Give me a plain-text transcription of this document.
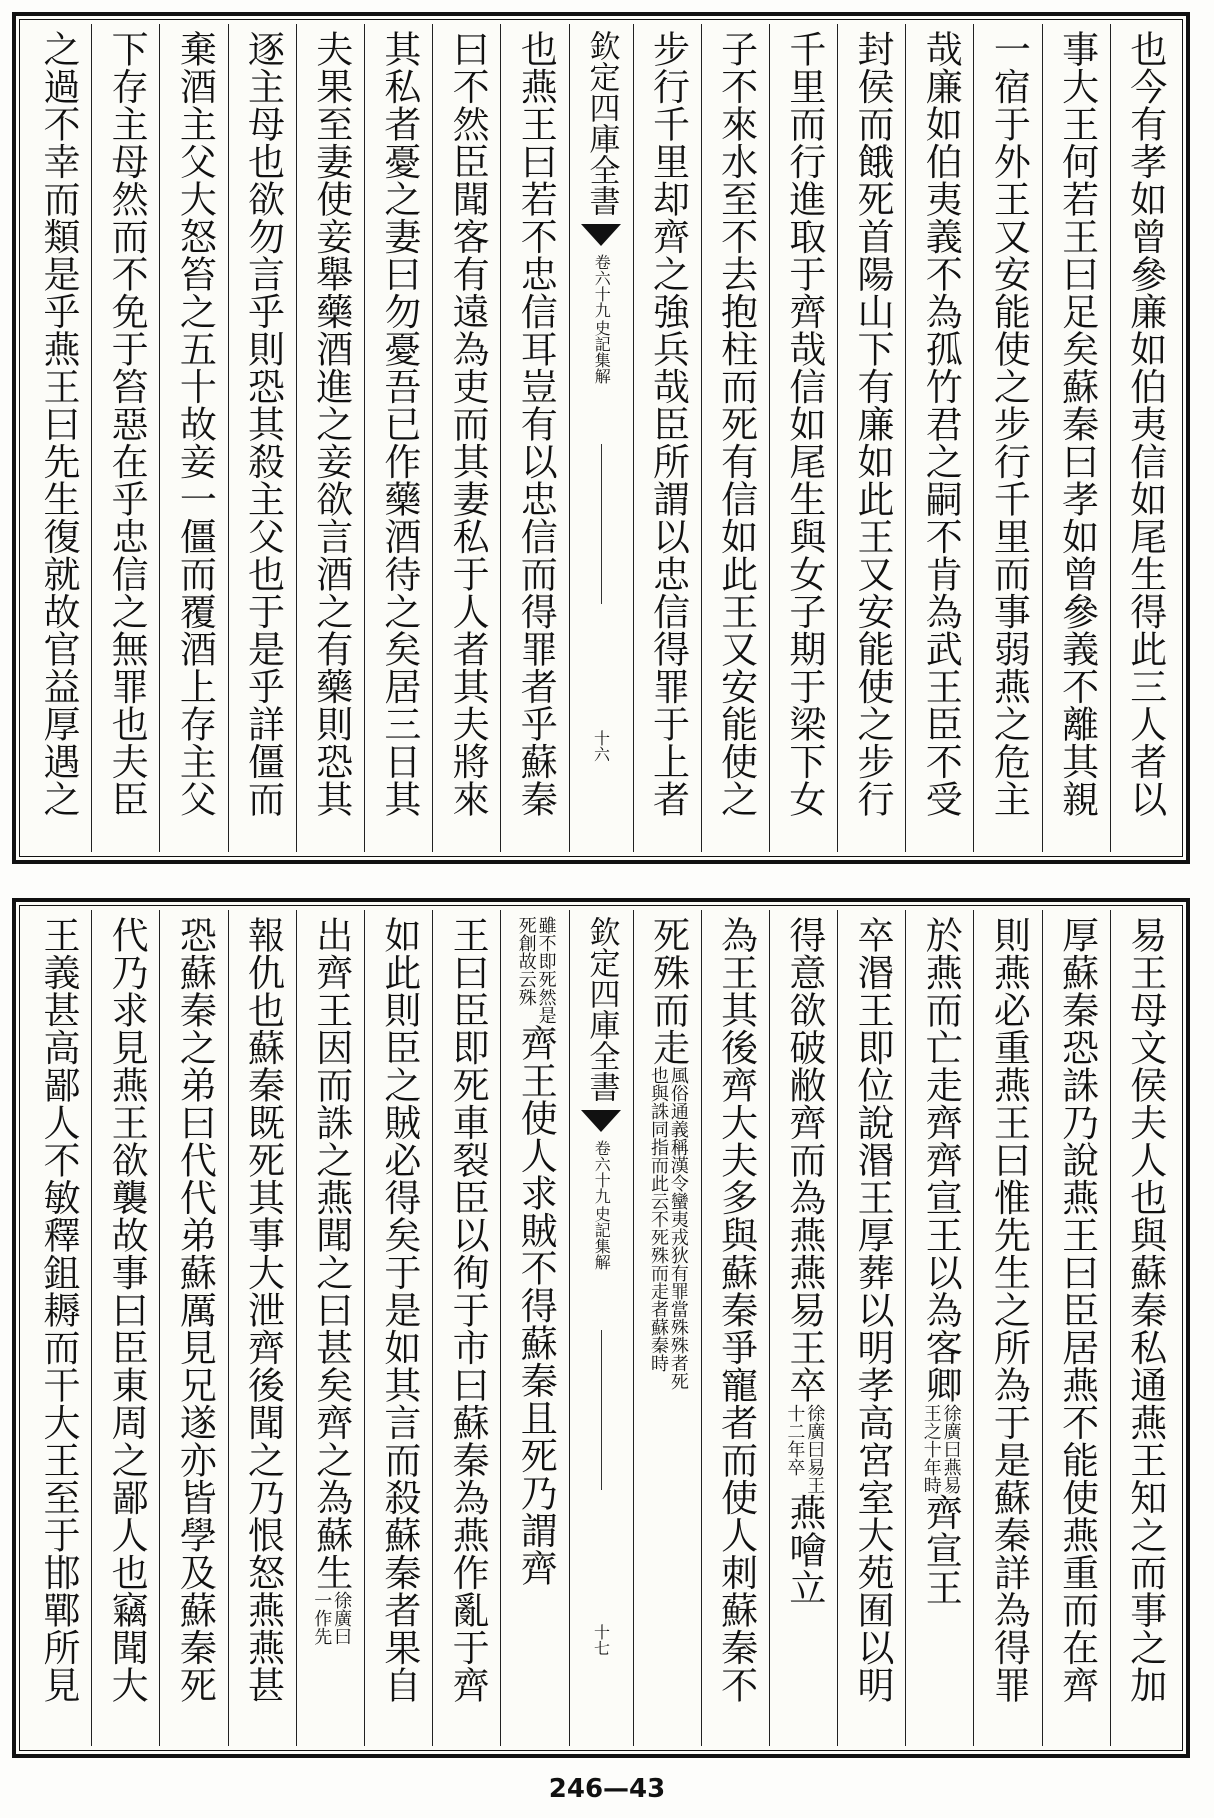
也今有孝如曾參廉如伯夷信如尾生得此三人者以
事大王何若王曰足矣蘇秦曰孝如曾參義不離其親
一宿于外王又安能使之步行千里而事弱燕之危主
哉廉如伯夷義不為孤竹君之嗣不肯為武王臣不受
封侯而餓死首陽山下有廉如此王又安能使之步行
千里而行進取于齊哉信如尾生與女子期于梁下女
子不來水至不去抱柱而死有信如此王又安能使之
步行千里却齊之強兵哉臣所謂以忠信得罪于上者
欽定四庫全書
史記集解
卷六十九
十六
也燕王曰若不忠信耳豈有以忠信而得罪者乎蘇秦
曰不然臣聞客有遠為吏而其妻私于人者其夫將來
其私者憂之妻曰勿憂吾已作藥酒待之矣居三日其
夫果至妻使妾舉藥酒進之妾欲言酒之有藥則恐其
逐主母也欲勿言乎則恐其殺主父也于是乎詳僵而
棄酒主父大怒笞之五十故妾一僵而覆酒上存主父
下存主母然而不免于笞惡在乎忠信之無罪也夫臣
之過不幸而類是乎燕王曰先生復就故官益厚遇之
易王母文侯夫人也與蘇秦私通燕王知之而事之加
厚蘇秦恐誅乃說燕王曰臣居燕不能使燕重而在齊
則燕必重燕王曰惟先生之所為于是蘇秦詳為得罪
於燕而亡走齊齊宣王以為客卿
徐廣曰燕易
王之十年時
齊宣王
卒湣王即位說湣王厚葬以明孝高宮室大苑囿以明
得意欲破敝齊而為燕燕易王卒
徐廣曰易王
十二年卒
燕噲立
為王其後齊大夫多與蘇秦爭寵者而使人刺蘇秦不
死殊而走
風俗通義稱漢令蠻夷戎狄有罪當殊殊者死
也與誅同指而此云不死殊而走者蘇秦時
欽定四庫全書
史記集解
卷六十九
十七
雖不即死然是
死創故云殊
齊王使人求賊不得蘇秦且死乃謂齊
王曰臣即死車裂臣以徇于市曰蘇秦為燕作亂于齊
如此則臣之賊必得矣于是如其言而殺蘇秦者果自
出齊王因而誅之燕聞之曰甚矣齊之為蘇生
徐廣曰
一作先
報仇也蘇秦既死其事大泄齊後聞之乃恨怒燕燕甚
恐蘇秦之弟曰代代弟蘇厲見兄遂亦皆學及蘇秦死
代乃求見燕王欲襲故事曰臣東周之鄙人也竊聞大
王義甚高鄙人不敏釋鉏耨而干大王至于邯鄲所見
246—43
